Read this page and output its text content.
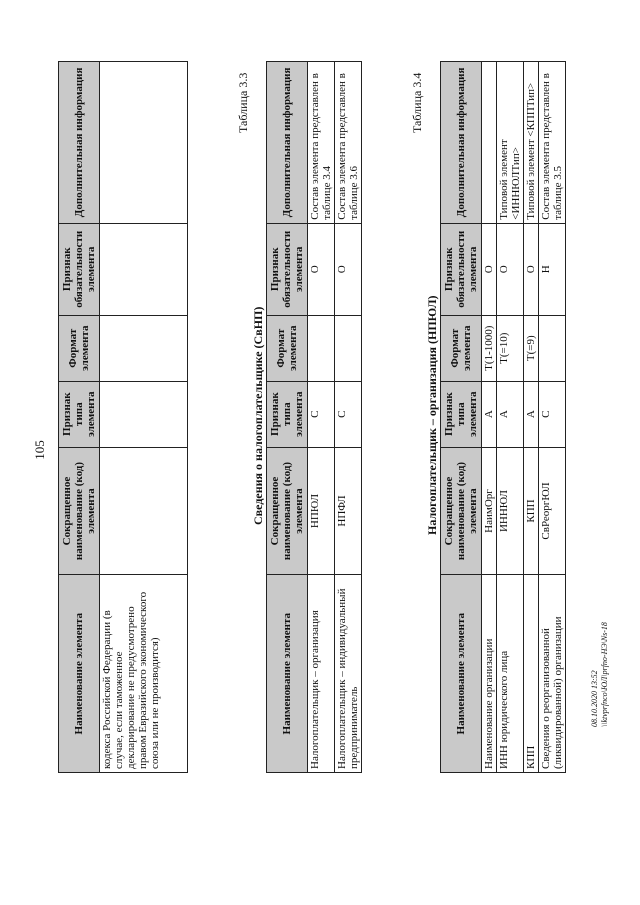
105
Наименование элемента	Сокращенное наименование (код) элемента	Признак типа элемента	Формат элемента	Признак обязательности элемента	Дополнительная информация
кодекса Российской Федерации (в случае, если таможенное декларирование не предусмотрено правом Евразийского экономического союза или не производится)					
Таблица 3.3
Сведения о налогоплательщике (СвНП)
Наименование элемента	Сокращенное наименование (код) элемента	Признак типа элемента	Формат элемента	Признак обязательности элемента	Дополнительная информация
Налогоплательщик – организация	НПЮЛ	С		О	Состав элемента представлен в таблице 3.4
Налогоплательщик – индивидуальный предприниматель	НПФЛ	С		О	Состав элемента представлен в таблице 3.6
Таблица 3.4
Налогоплательщик – организация (НПЮЛ)
Наименование элемента	Сокращенное наименование (код) элемента	Признак типа элемента	Формат элемента	Признак обязательности элемента	Дополнительная информация
Наименование организации	НаимОрг	А	T(1-1000)	О	
ИНН юридического лица	ИННЮЛ	А	T(=10)	О	Типовой элемент <ИННЮЛТип>
КПП	КПП	А	T(=9)	О	Типовой элемент <КППТип>
Сведения о реорганизованной (ликвидированной) организации	СвРеоргЮЛ	С		Н	Состав элемента представлен в таблице 3.5
08.10.2020 13:52 \\ktvprfnco\ЮЛ\prfno-НЭ\Ns-18
